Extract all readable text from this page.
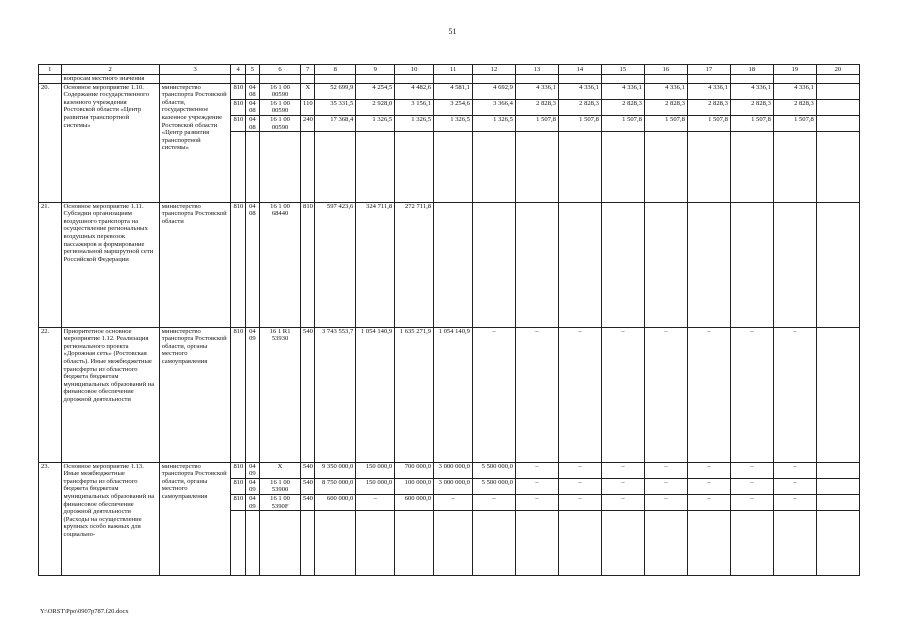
51
1	2	3	4	5	6	7	8	9	10	11	12	13	14	15	16	17	18	19	20
	вопросам местного значения																		
20.	Основное мероприятие 1.10. Содержание государственного казенного учреждения Ростовской области «Центр развития транспортной системы»	министерство транспорта Ростовской области, государственное казенное учреждение Ростовской области «Центр развития транспортной системы»	810	04 08	16 1 00 00590	Х	52 699,9	4 254,5	4 482,6	4 581,1	4 692,9	4 336,1	4 336,1	4 336,1	4 336,1	4 336,1	4 336,1	4 336,1	
			810	04 08	16 1 00 00590	110	35 331,5	2 928,0	3 156,1	3 254,6	3 366,4	2 828,3	2 828,3	2 828,3	2 828,3	2 828,3	2 828,3	2 828,3	
			810	04 08	16 1 00 00590	240	17 368,4	1 326,5	1 326,5	1 326,5	1 326,5	1 507,8	1 507,8	1 507,8	1 507,8	1 507,8	1 507,8	1 507,8	

21.	Основное мероприятие 1.11. Субсидии организациям воздушного транспорта на осуществление региональных воздушных перевозок пассажиров и формирование региональной маршрутной сети Российской Федерации	министерство транспорта Ростовской области	810	04 08	16 1 00 68440	810	597 423,6	324 711,8	272 711,8										
22.	Приоритетное основное мероприятие 1.12. Реализация регионального проекта «Дорожная сеть» (Ростовская область). Иные межбюджетные трансферты из областного бюджета бюджетам муниципальных образований на финансовое обеспечение дорожной деятельности	министерство транспорта Ростовской области, органы местного самоуправления	810	04 09	16 1 R1 53930	540	3 743 553,7	1 054 140,9	1 635 271,9	1 054 140,9	–	–	–	–	–	–	–	–	
23.	Основное мероприятие 1.13. Иные межбюджетные трансферты из областного бюджета бюджетам муниципальных образований на финансовое обеспечение дорожной деятельности (Расходы на осуществление крупных особо важных для социально-	министерство транспорта Ростовской области, органы местного самоуправления	810	04 09	Х	540	9 350 000,0	150 000,0	700 000,0	3 000 000,0	5 500 000,0	–	–	–	–	–	–	–	
			810	04 09	16 1 00 53900	540	8 750 000,0	150 000,0	100 000,0	3 000 000,0	5 500 000,0	–	–	–	–	–	–	–	
			810	04 09	16 1 00 5390F	540	600 000,0	–	600 000,0	–	–	–	–	–	–	–	–	–	

Y:\ORST\Ppo\0907p787.f20.docx
